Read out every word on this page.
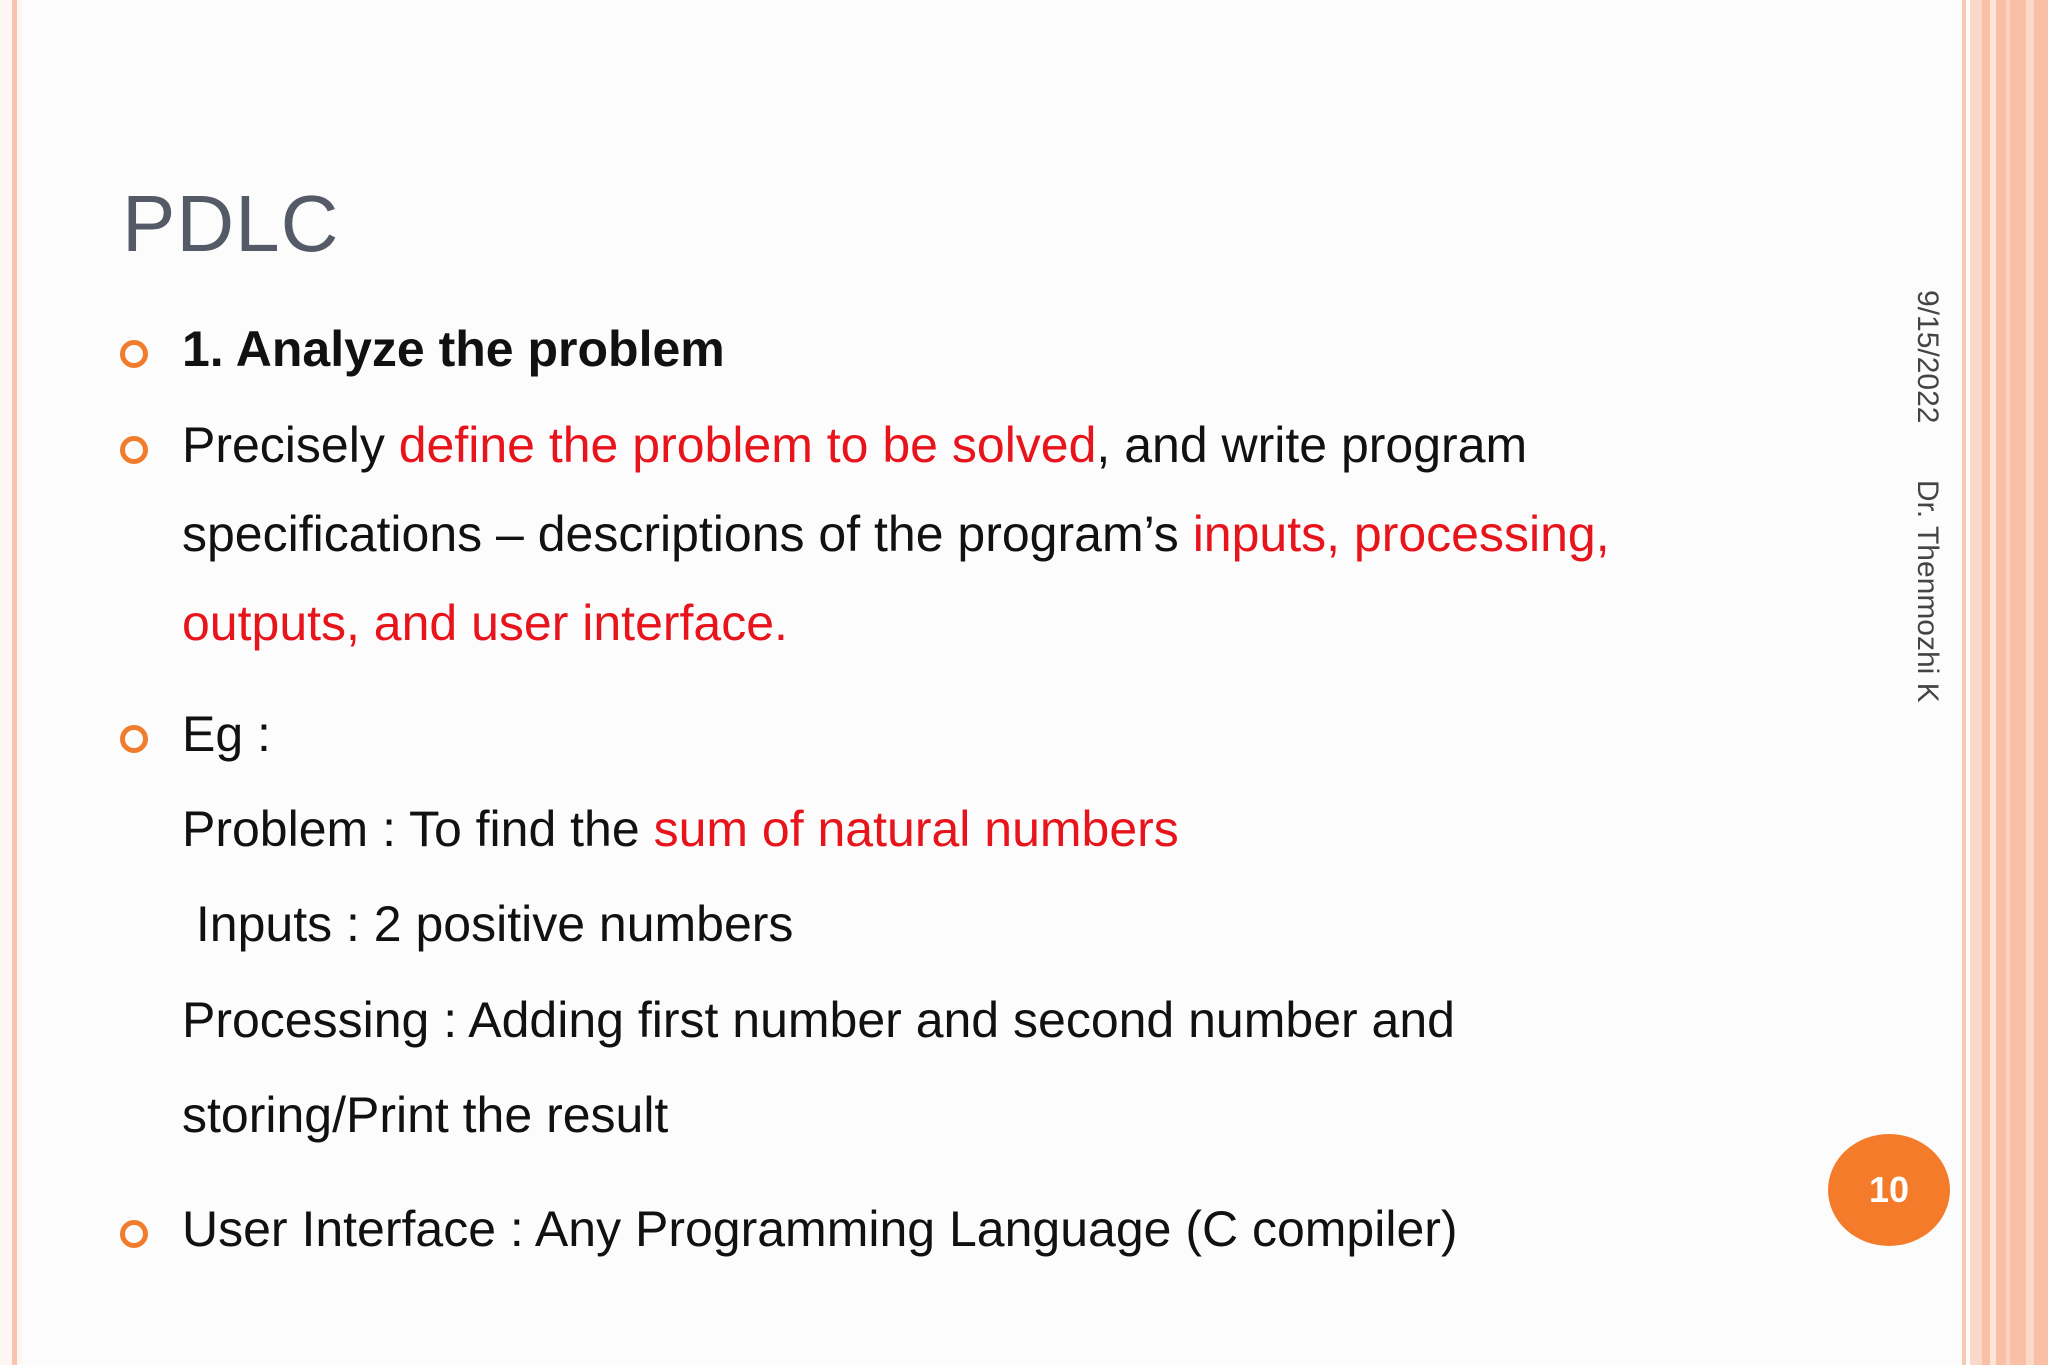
PDLC
9/15/2022 Dr. Thenmozhi K
10
1. Analyze the problem
Precisely define the problem to be solved, and write program
specifications – descriptions of the program’s inputs, processing,
outputs, and user interface.
Eg :
Problem : To find the sum of natural numbers
Inputs : 2 positive numbers
Processing : Adding first number and second number and
storing/Print the result
User Interface : Any Programming Language (C compiler)
